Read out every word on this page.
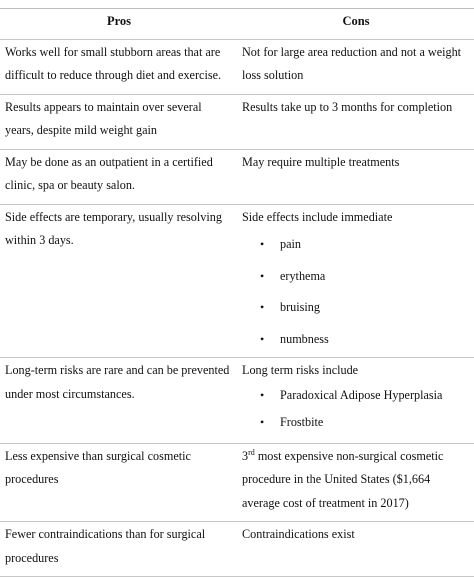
Pros	Cons
Works well for small stubborn areas that are difficult to reduce through diet and exercise.
Not for large area reduction and not a weight loss solution
Results appears to maintain over several years, despite mild weight gain
Results take up to 3 months for completion
May be done as an outpatient in a certified clinic, spa or beauty salon.
May require multiple treatments
Side effects are temporary, usually resolving within 3 days.
Side effects include immediate
• pain
• erythema
• bruising
• numbness
Long-term risks are rare and can be prevented under most circumstances.
Long term risks include
• Paradoxical Adipose Hyperplasia
• Frostbite
Less expensive than surgical cosmetic procedures
3rd most expensive non-surgical cosmetic procedure in the United States ($1,664 average cost of treatment in 2017)
Fewer contraindications than for surgical procedures
Contraindications exist
